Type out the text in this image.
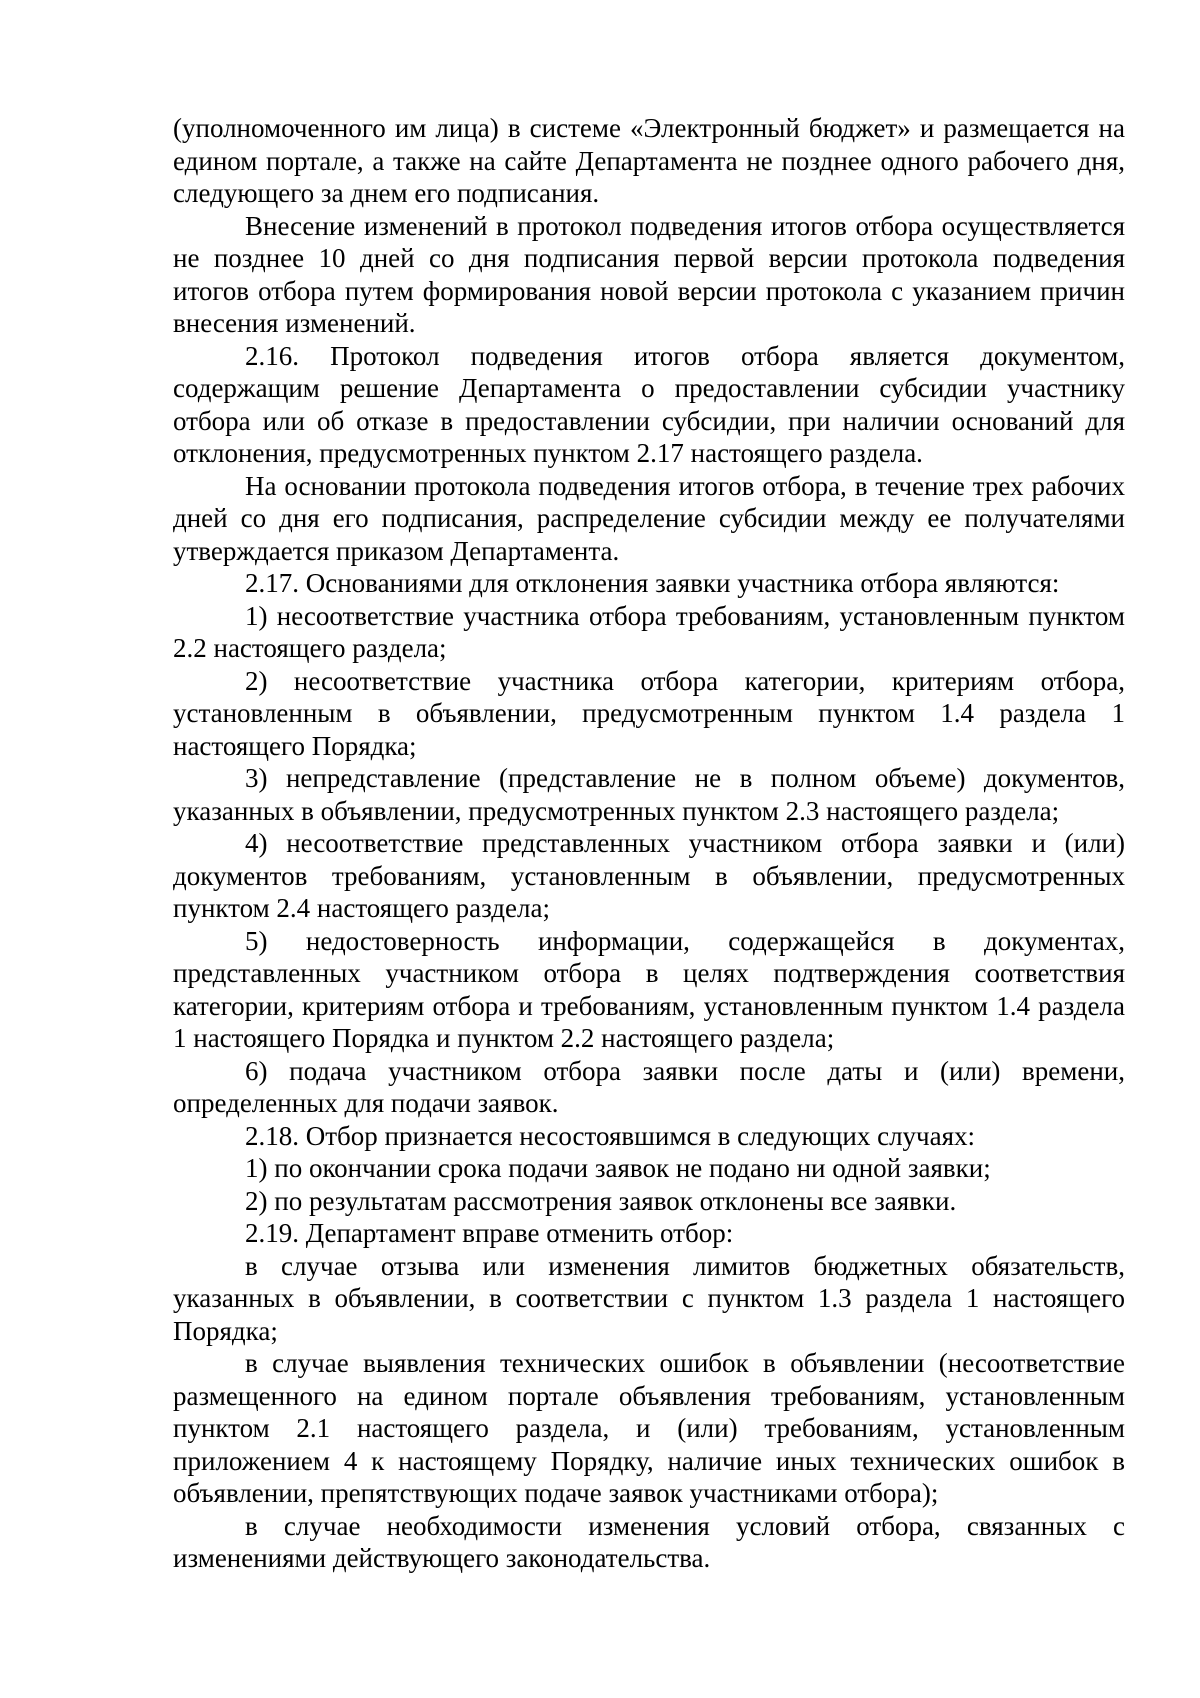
(уполномоченного им лица) в системе «Электронный бюджет» и размещается на едином портале, а также на сайте Департамента не позднее одного рабочего дня, следующего за днем его подписания.

Внесение изменений в протокол подведения итогов отбора осуществляется не позднее 10 дней со дня подписания первой версии протокола подведения итогов отбора путем формирования новой версии протокола с указанием причин внесения изменений.

2.16. Протокол подведения итогов отбора является документом, содержащим решение Департамента о предоставлении субсидии участнику отбора или об отказе в предоставлении субсидии, при наличии оснований для отклонения, предусмотренных пунктом 2.17 настоящего раздела.

На основании протокола подведения итогов отбора, в течение трех рабочих дней со дня его подписания, распределение субсидии между ее получателями утверждается приказом Департамента.

2.17. Основаниями для отклонения заявки участника отбора являются:

1) несоответствие участника отбора требованиям, установленным пунктом 2.2 настоящего раздела;

2) несоответствие участника отбора категории, критериям отбора, установленным в объявлении, предусмотренным пунктом 1.4 раздела 1 настоящего Порядка;

3) непредставление (представление не в полном объеме) документов, указанных в объявлении, предусмотренных пунктом 2.3 настоящего раздела;

4) несоответствие представленных участником отбора заявки и (или) документов требованиям, установленным в объявлении, предусмотренных пунктом 2.4 настоящего раздела;

5) недостоверность информации, содержащейся в документах, представленных участником отбора в целях подтверждения соответствия категории, критериям отбора и требованиям, установленным пунктом 1.4 раздела 1 настоящего Порядка и пунктом 2.2 настоящего раздела;

6) подача участником отбора заявки после даты и (или) времени, определенных для подачи заявок.

2.18. Отбор признается несостоявшимся в следующих случаях:

1) по окончании срока подачи заявок не подано ни одной заявки;

2) по результатам рассмотрения заявок отклонены все заявки.

2.19. Департамент вправе отменить отбор:

в случае отзыва или изменения лимитов бюджетных обязательств, указанных в объявлении, в соответствии с пунктом 1.3 раздела 1 настоящего Порядка;

в случае выявления технических ошибок в объявлении (несоответствие размещенного на едином портале объявления требованиям, установленным пунктом 2.1 настоящего раздела, и (или) требованиям, установленным приложением 4 к настоящему Порядку, наличие иных технических ошибок в объявлении, препятствующих подаче заявок участниками отбора);

в случае необходимости изменения условий отбора, связанных с изменениями действующего законодательства.
